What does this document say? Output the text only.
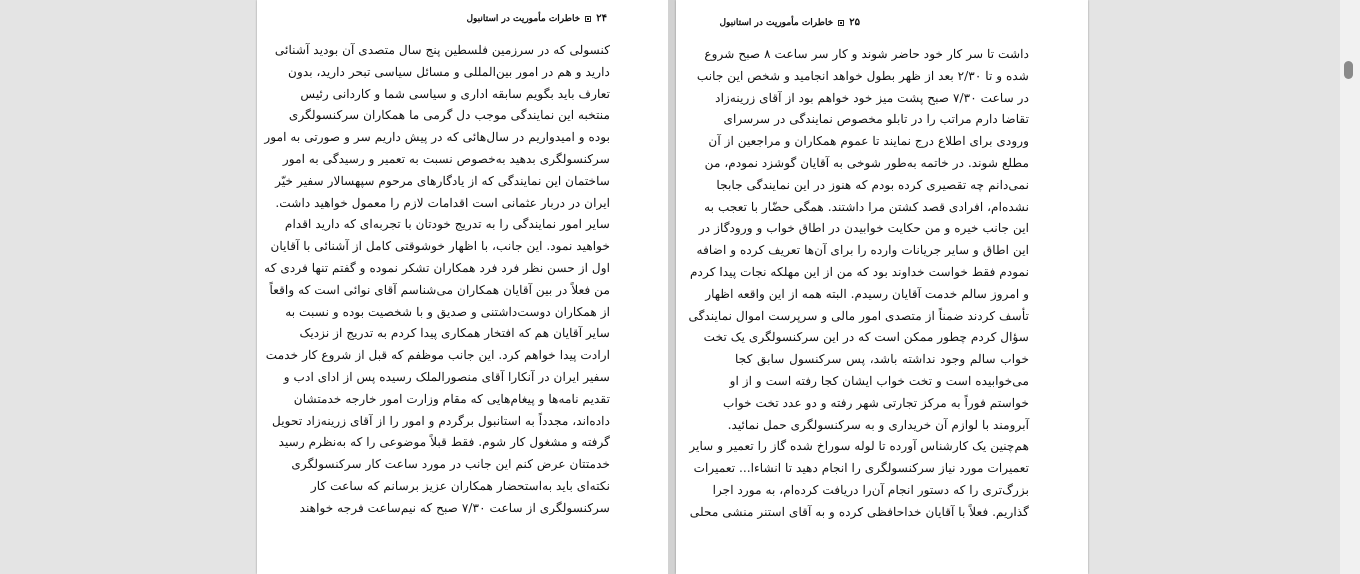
۲۴
خاطرات مأموریت در استانبول
کنسولی که در سرزمین فلسطین پنج سال متصدی آن بودید آشنائی
دارید و هم در امور بین‌المللی و مسائل سیاسی تبحر دارید، بدون
تعارف باید بگویم سابقه اداری و سیاسی شما و کاردانی رئیس
منتخبه این نمایندگی موجب دل گرمی ما همکاران سرکنسولگری
بوده و امیدواریم در سال‌هائی که در پیش داریم سر و صورتی به امور
سرکنسولگری بدهید به‌خصوص نسبت به تعمیر و رسیدگی به امور
ساختمان این نمایندگی که از یادگارهای مرحوم سپهسالار سفیر خیّر
ایران در دربار عثمانی است اقدامات لازم را معمول خواهید داشت.
سایر امور نمایندگی را به تدریج خودتان با تجربه‌ای که دارید اقدام
خواهید نمود. این جانب، با اظهار خوشوقتی کامل از آشنائی با آقایان
اول از حسن نظر فرد فرد همکاران تشکر نموده و گفتم تنها فردی که
من فعلاً در بین آقایان همکاران می‌شناسم آقای نوائی است که واقعاً
از همکاران دوست‌داشتنی و صدیق و با شخصیت بوده و نسبت به
سایر آقایان هم که افتخار همکاری پیدا کردم به تدریج از نزدیک
ارادت پیدا خواهم کرد. این جانب موظفم که قبل از شروع کار خدمت
سفیر ایران در آنکارا آقای منصورالملک رسیده پس از ادای ادب و
تقدیم نامه‌ها و پیغام‌هایی که مقام وزارت امور خارجه خدمتشان
داده‌اند، مجدداً به استانبول برگردم و امور را از آقای زرینه‌زاد تحویل
گرفته و مشغول کار شوم. فقط قبلاً موضوعی را که به‌نظرم رسید
خدمتتان عرض کنم این جانب در مورد ساعت کار سرکنسولگری
نکته‌ای باید به‌استحضار همکاران عزیز برسانم که ساعت کار
سرکنسولگری از ساعت ۷/۳۰ صبح که نیم‌ساعت فرجه خواهند
۲۵
خاطرات مأموریت در استانبول
داشت تا سر کار خود حاضر شوند و کار سر ساعت ۸ صبح شروع
شده و تا ۲/۳۰ بعد از ظهر بطول خواهد انجامید و شخص این جانب
در ساعت ۷/۳۰ صبح پشت میز خود خواهم بود از آقای زرینه‌زاد
تقاضا دارم مراتب را در تابلو مخصوص نمایندگی در سرسرای
ورودی برای اطلاع درج نمایند تا عموم همکاران و مراجعین از آن
مطلع شوند. در خاتمه به‌طور شوخی به آقایان گوشزد نمودم، من
نمی‌دانم چه تقصیری کرده بودم که هنوز در این نمایندگی جابجا
نشده‌ام، افرادی قصد کشتن مرا داشتند. همگی حضّار با تعجب به
این جانب خیره و من حکایت خوابیدن در اطاق خواب و ورودگاز در
این اطاق و سایر جریانات وارده را برای آن‌ها تعریف کرده و اضافه
نمودم فقط خواست خداوند بود که من از این مهلکه نجات پیدا کردم
و امروز سالم خدمت آقایان رسیدم. البته همه از این واقعه اظهار
تأسف کردند ضمناً از متصدی امور مالی و سرپرست اموال نمایندگی
سؤال کردم چطور ممکن است که در این سرکنسولگری یک تخت
خواب سالم وجود نداشته باشد، پس سرکنسول سابق کجا
می‌خوابیده است و تخت خواب ایشان کجا رفته است و از او
خواستم فوراً به مرکز تجارتی شهر رفته و دو عدد تخت خواب
آبرومند با لوازم آن خریداری و به سرکنسولگری حمل نمائید.
هم‌چنین یک کارشناس آورده تا لوله سوراخ شده گاز را تعمیر و سایر
تعمیرات مورد نیاز سرکنسولگری را انجام دهید تا انشاءا... تعمیرات
بزرگ‌تری را که دستور انجام آن‌را دریافت کرده‌ام، به مورد اجرا
گذاریم. فعلاً با آقایان خداحافظی کرده و به آقای استنر منشی محلی
